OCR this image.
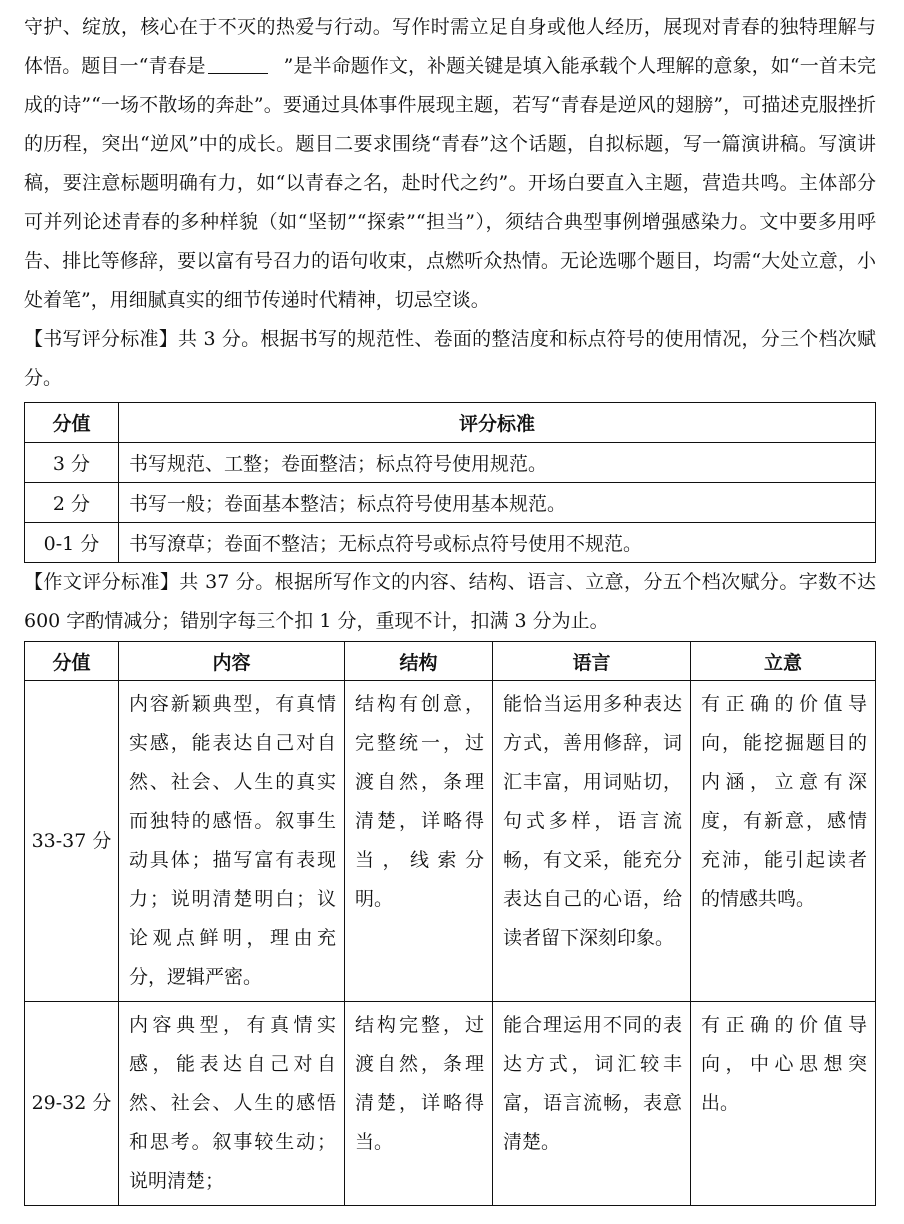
守护、绽放，核心在于不灭的热爱与行动。写作时需立足自身或他人经历，展现对青春的独特理解与体悟。题目一“青春是	”是半命题作文，补题关键是填入能承载个人理解的意象，如“一首未完成的诗”“一场不散场的奔赴”。要通过具体事件展现主题，若写“青春是逆风的翅膀”，可描述克服挫折的历程，突出“逆风”中的成长。题目二要求围绕“青春”这个话题，自拟标题，写一篇演讲稿。写演讲稿，要注意标题明确有力，如“以青春之名，赴时代之约”。开场白要直入主题，营造共鸣。主体部分可并列论述青春的多种样貌（如“坚韧”“探索”“担当”），须结合典型事例增强感染力。文中要多用呼告、排比等修辞，要以富有号召力的语句收束，点燃听众热情。无论选哪个题目，均需“大处立意，小处着笔”，用细腻真实的细节传递时代精神，切忌空谈。

【书写评分标准】共 3 分。根据书写的规范性、卷面的整洁度和标点符号的使用情况，分三个档次赋分。

分值	评分标准
3 分	书写规范、工整；卷面整洁；标点符号使用规范。
2 分	书写一般；卷面基本整洁；标点符号使用基本规范。
0-1 分	书写潦草；卷面不整洁；无标点符号或标点符号使用不规范。

【作文评分标准】共 37 分。根据所写作文的内容、结构、语言、立意，分五个档次赋分。字数不达 600 字酌情减分；错别字每三个扣 1 分，重现不计，扣满 3 分为止。

分值	内容	结构	语言	立意
33-37 分	内容新颖典型，有真情实感，能表达自己对自然、社会、人生的真实而独特的感悟。叙事生动具体；描写富有表现力；说明清楚明白；议论观点鲜明，理由充分，逻辑严密。	结构有创意，完整统一，过渡自然，条理清楚，详略得当，线索分明。	能恰当运用多种表达方式，善用修辞，词汇丰富，用词贴切，句式多样，语言流畅，有文采，能充分表达自己的心语，给读者留下深刻印象。	有正确的价值导向，能挖掘题目的内涵，立意有深度，有新意，感情充沛，能引起读者的情感共鸣。
29-32 分	内容典型，有真情实感，能表达自己对自然、社会、人生的感悟和思考。叙事较生动；说明清楚；	结构完整，过渡自然，条理清楚，详略得当。	能合理运用不同的表达方式，词汇较丰富，语言流畅，表意清楚。	有正确的价值导向，中心思想突出。
